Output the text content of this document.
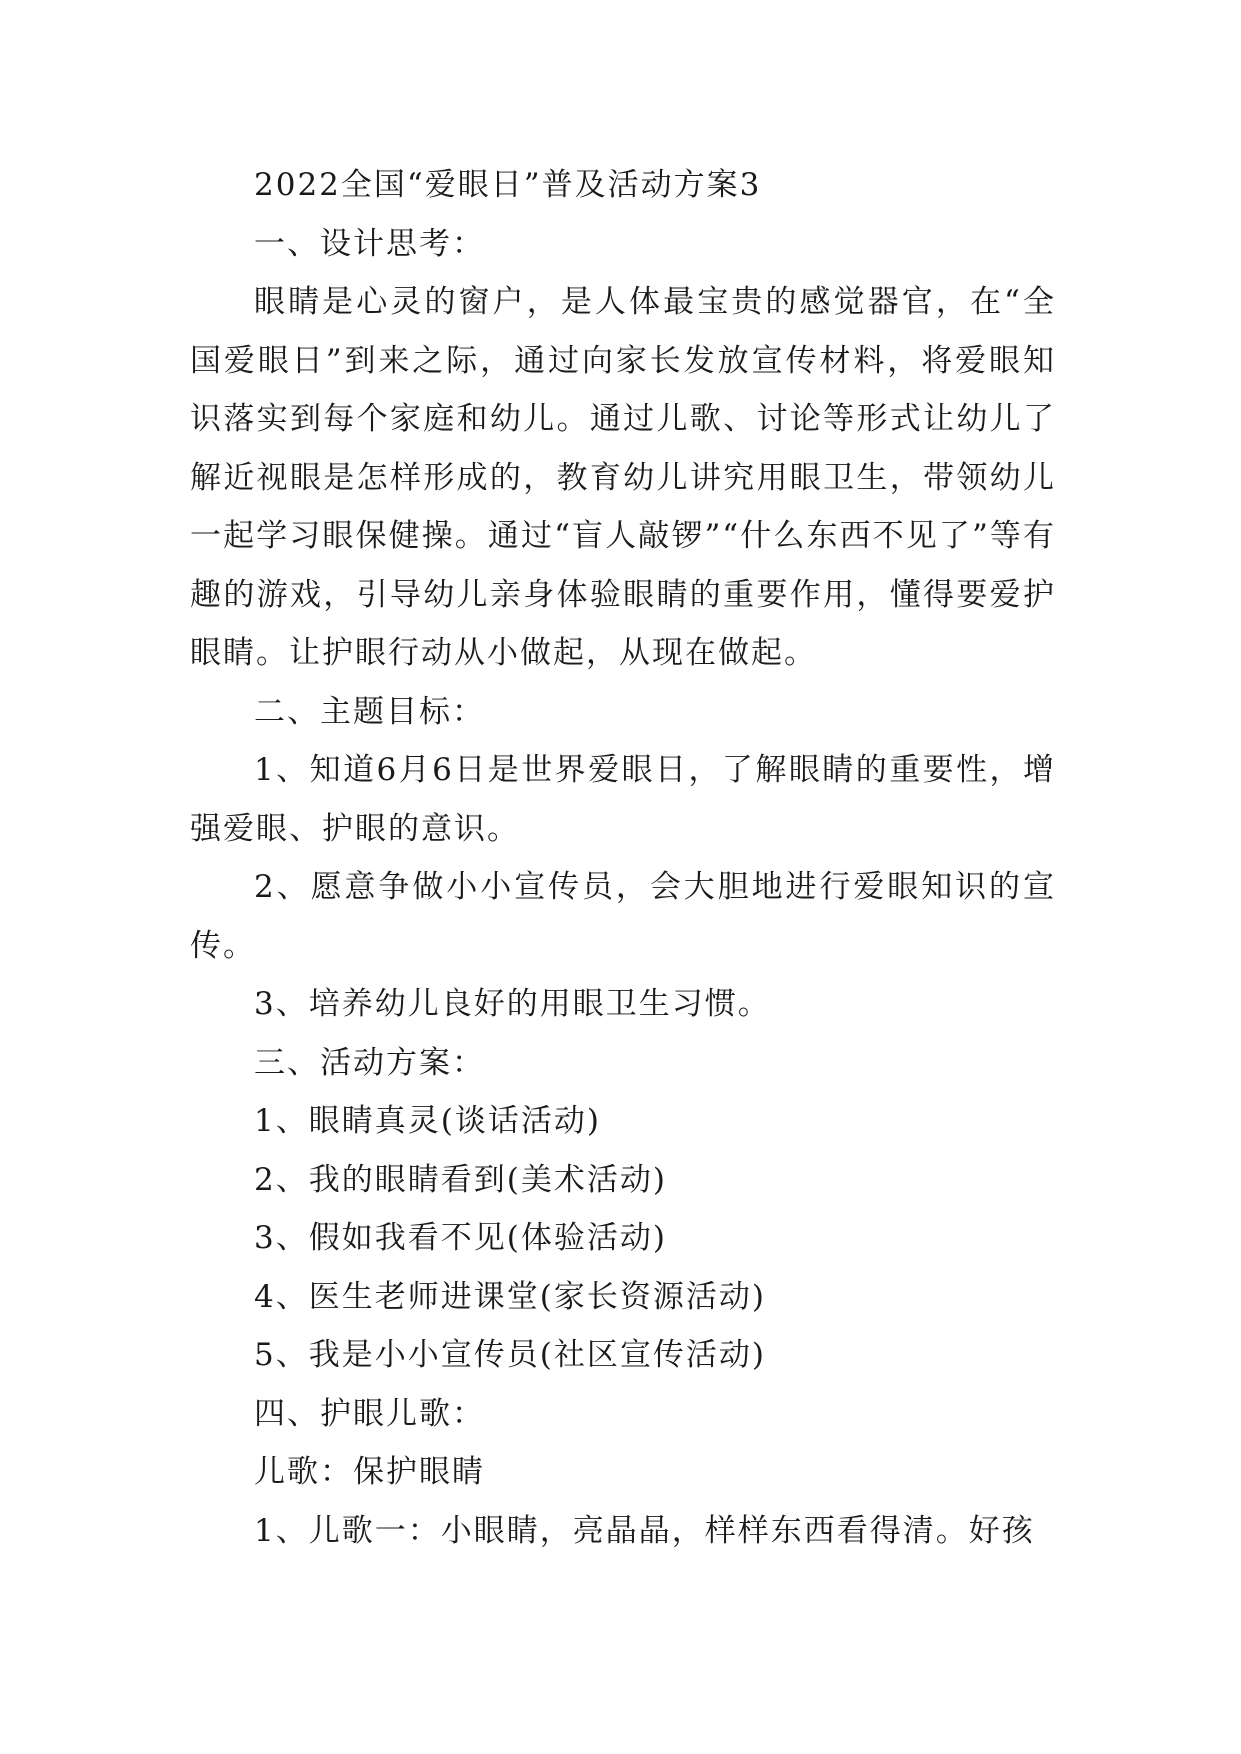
2022全国“爱眼日”普及活动方案3

一、设计思考：

眼睛是心灵的窗户，是人体最宝贵的感觉器官，在“全国爱眼日”到来之际，通过向家长发放宣传材料，将爱眼知识落实到每个家庭和幼儿。通过儿歌、讨论等形式让幼儿了解近视眼是怎样形成的，教育幼儿讲究用眼卫生，带领幼儿一起学习眼保健操。通过“盲人敲锣”“什么东西不见了”等有趣的游戏，引导幼儿亲身体验眼睛的重要作用，懂得要爱护眼睛。让护眼行动从小做起，从现在做起。

二、主题目标：

1、知道6月6日是世界爱眼日，了解眼睛的重要性，增强爱眼、护眼的意识。

2、愿意争做小小宣传员，会大胆地进行爱眼知识的宣传。

3、培养幼儿良好的用眼卫生习惯。

三、活动方案：

1、眼睛真灵(谈话活动)

2、我的眼睛看到(美术活动)

3、假如我看不见(体验活动)

4、医生老师进课堂(家长资源活动)

5、我是小小宣传员(社区宣传活动)

四、护眼儿歌：

儿歌：保护眼睛

1、儿歌一：小眼睛，亮晶晶，样样东西看得清。好孩
